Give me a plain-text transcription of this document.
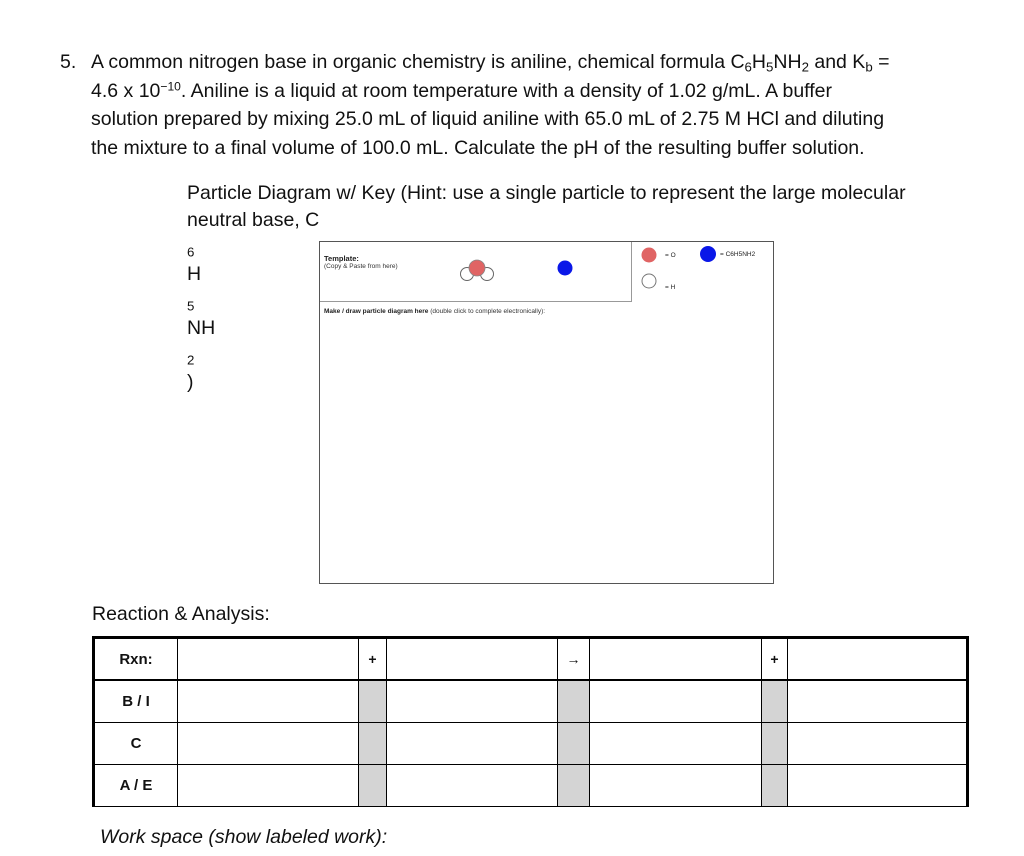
5. A common nitrogen base in organic chemistry is aniline, chemical formula $C_6H_5NH_2$ and $K_b$ =
4.6 x $10^{-10}$. Aniline is a liquid at room temperature with a density of 1.02 g/mL. A buffer
solution prepared by mixing 25.0 mL of liquid aniline with 65.0 mL of 2.75 M HCl and diluting
the mixture to a final volume of 100.0 mL. Calculate the pH of the resulting buffer solution.
Particle Diagram w/ Key (Hint: use a single particle to represent the large molecular
neutral base, C
$_6$
H
$_5$
NH
$_2$
)
Template:
(Copy & Paste from here)
= O
= H
= C6H5NH2
Make / draw particle diagram here (double click to complete electronically):
Reaction & Analysis:
Rxn:		+		→		+	
B / I							
C							
A / E							
Work space (show labeled work):
